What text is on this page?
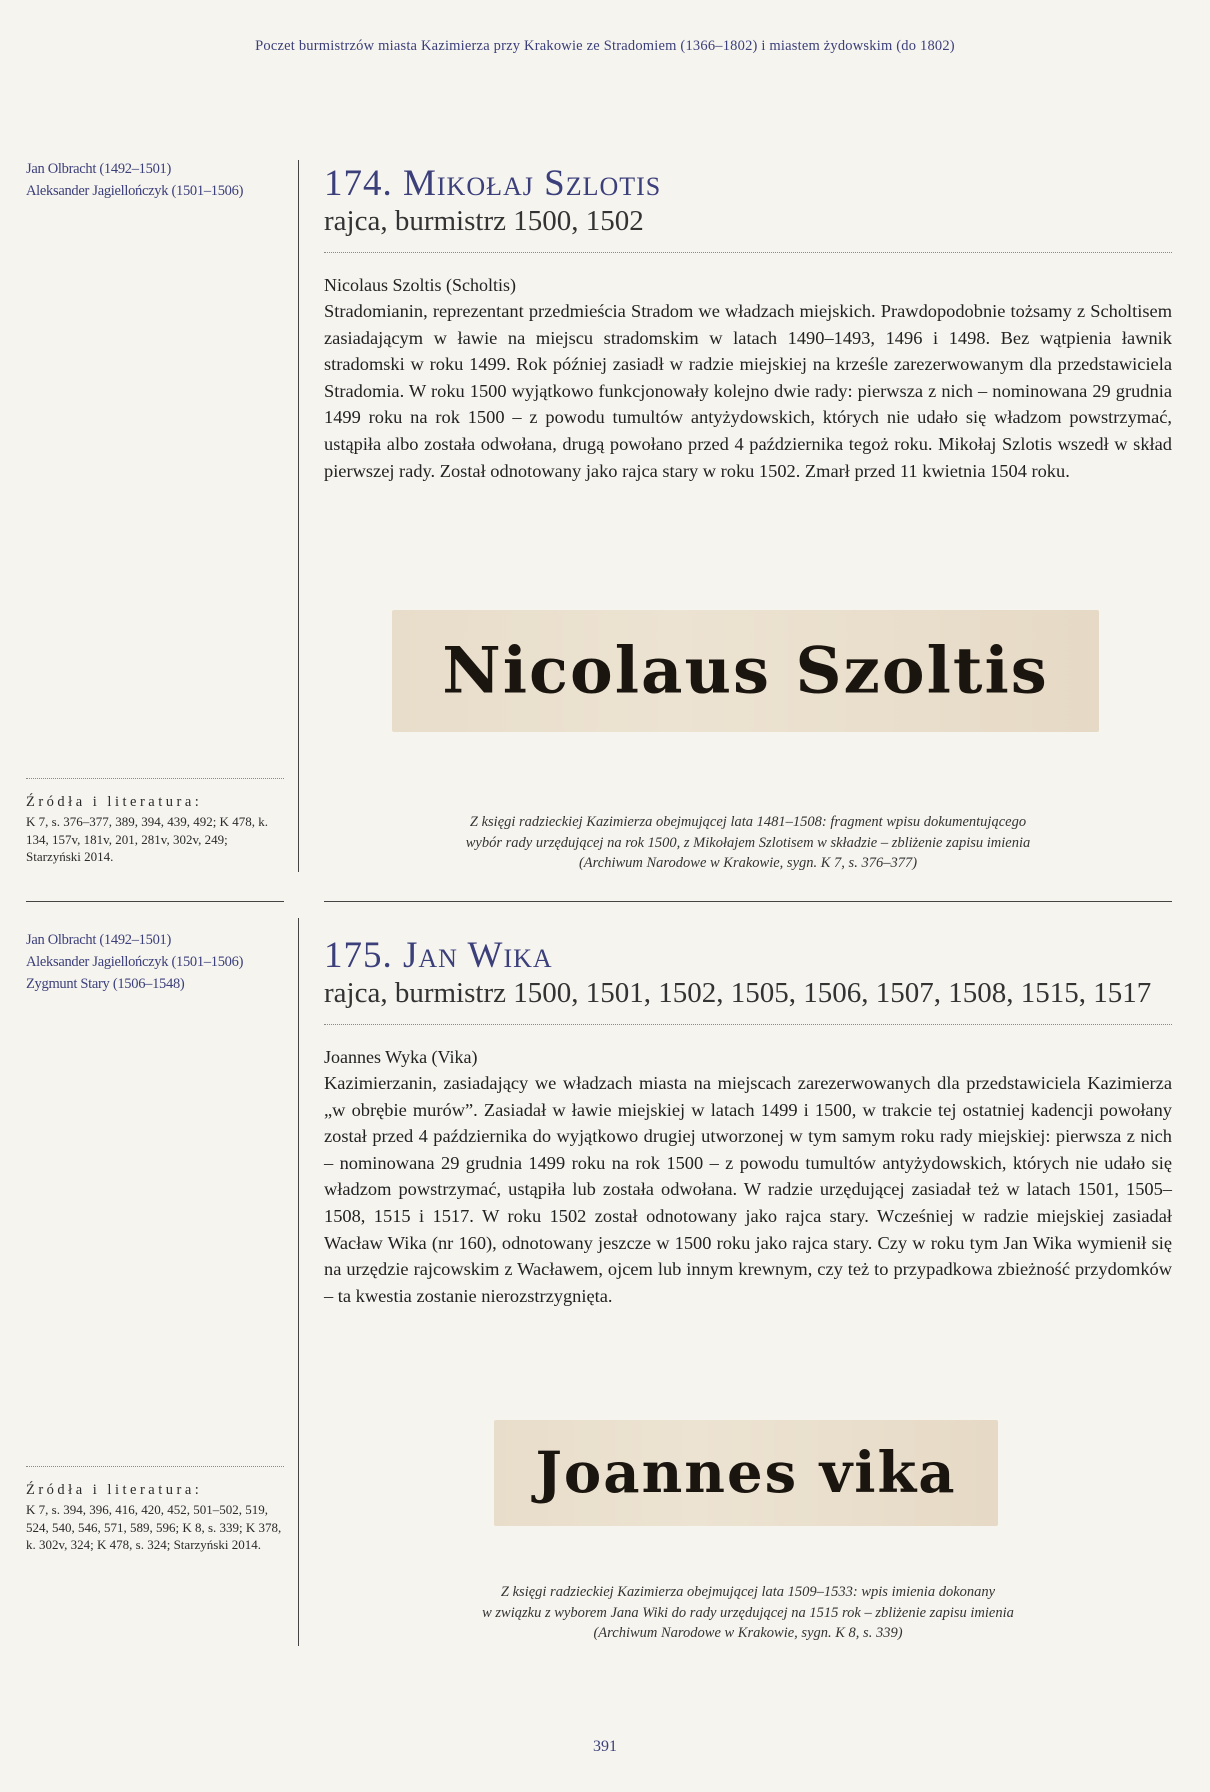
Poczet burmistrzów miasta Kazimierza przy Krakowie ze Stradomiem (1366–1802) i miastem żydowskim (do 1802)
Jan Olbracht (1492–1501)
Aleksander Jagiellończyk (1501–1506)
Źródła i literatura:
K 7, s. 376–377, 389, 394, 439, 492; K 478, k. 134, 157v, 181v, 201, 281v, 302v, 249; Starzyński 2014.
174. Mikołaj Szlotis
rajca, burmistrz 1500, 1502
Nicolaus Szoltis (Scholtis)
Stradomianin, reprezentant przedmieścia Stradom we władzach miejskich. Prawdopodobnie tożsamy z Scholtisem zasiadającym w ławie na miejscu stradomskim w latach 1490–1493, 1496 i 1498. Bez wątpienia ławnik stradomski w roku 1499. Rok później zasiadł w radzie miejskiej na krześle zarezerwowanym dla przedstawiciela Stradomia. W roku 1500 wyjątkowo funkcjonowały kolejno dwie rady: pierwsza z nich – nominowana 29 grudnia 1499 roku na rok 1500 – z powodu tumultów antyżydowskich, których nie udało się władzom powstrzymać, ustąpiła albo została odwołana, drugą powołano przed 4 października tegoż roku. Mikołaj Szlotis wszedł w skład pierwszej rady. Został odnotowany jako rajca stary w roku 1502. Zmarł przed 11 kwietnia 1504 roku.
Nicolaus Szoltis
Z księgi radzieckiej Kazimierza obejmującej lata 1481–1508: fragment wpisu dokumentującego
wybór rady urzędującej na rok 1500, z Mikołajem Szlotisem w składzie – zbliżenie zapisu imienia
(Archiwum Narodowe w Krakowie, sygn. K 7, s. 376–377)
Jan Olbracht (1492–1501)
Aleksander Jagiellończyk (1501–1506)
Zygmunt Stary (1506–1548)
Źródła i literatura:
K 7, s. 394, 396, 416, 420, 452, 501–502, 519, 524, 540, 546, 571, 589, 596; K 8, s. 339; K 378, k. 302v, 324; K 478, s. 324; Starzyński 2014.
175. Jan Wika
rajca, burmistrz 1500, 1501, 1502, 1505, 1506, 1507, 1508, 1515, 1517
Joannes Wyka (Vika)
Kazimierzanin, zasiadający we władzach miasta na miejscach zarezerwowanych dla przedstawiciela Kazimierza „w obrębie murów”. Zasiadał w ławie miejskiej w latach 1499 i 1500, w trakcie tej ostatniej kadencji powołany został przed 4 października do wyjątkowo drugiej utworzonej w tym samym roku rady miejskiej: pierwsza z nich – nominowana 29 grudnia 1499 roku na rok 1500 – z powodu tumultów antyżydowskich, których nie udało się władzom powstrzymać, ustąpiła lub została odwołana. W radzie urzędującej zasiadał też w latach 1501, 1505–1508, 1515 i 1517. W roku 1502 został odnotowany jako rajca stary. Wcześniej w radzie miejskiej zasiadał Wacław Wika (nr 160), odnotowany jeszcze w 1500 roku jako rajca stary. Czy w roku tym Jan Wika wymienił się na urzędzie rajcowskim z Wacławem, ojcem lub innym krewnym, czy też to przypadkowa zbieżność przydomków – ta kwestia zostanie nierozstrzygnięta.
Joannes vika
Z księgi radzieckiej Kazimierza obejmującej lata 1509–1533: wpis imienia dokonany
w związku z wyborem Jana Wiki do rady urzędującej na 1515 rok – zbliżenie zapisu imienia
(Archiwum Narodowe w Krakowie, sygn. K 8, s. 339)
391
